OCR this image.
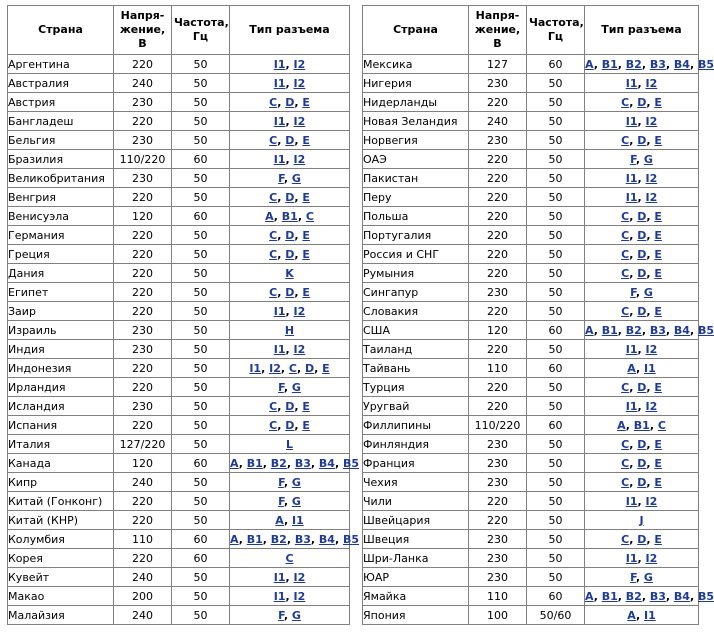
Страна	Напря-жение, В	Частота, Гц	Тип разъема
Аргентина	220	50	I1, I2
Австралия	240	50	I1, I2
Австрия	230	50	C, D, E
Бангладеш	220	50	I1, I2
Бельгия	230	50	C, D, E
Бразилия	110/220	60	I1, I2
Великобритания	230	50	F, G
Венгрия	220	50	C, D, E
Венисуэла	120	60	A, B1, C
Германия	220	50	C, D, E
Греция	220	50	C, D, E
Дания	220	50	K
Египет	220	50	C, D, E
Заир	220	50	I1, I2
Израиль	230	50	H
Индия	230	50	I1, I2
Индонезия	220	50	I1, I2, C, D, E
Ирландия	220	50	F, G
Исландия	230	50	C, D, E
Испания	220	50	C, D, E
Италия	127/220	50	L
Канада	120	60	A, B1, B2, B3, B4, B5
Кипр	240	50	F, G
Китай (Гонконг)	220	50	F, G
Китай (КНР)	220	50	A, I1
Колумбия	110	60	A, B1, B2, B3, B4, B5
Корея	220	60	C
Кувейт	240	50	I1, I2
Макао	200	50	I1, I2
Малайзия	240	50	F, G
Страна	Напря-жение, В	Частота, Гц	Тип разъема
Мексика	127	60	A, B1, B2, B3, B4, B5
Нигерия	230	50	I1, I2
Нидерланды	220	50	C, D, E
Новая Зеландия	240	50	I1, I2
Норвегия	230	50	C, D, E
ОАЭ	220	50	F, G
Пакистан	220	50	I1, I2
Перу	220	50	I1, I2
Польша	220	50	C, D, E
Португалия	220	50	C, D, E
Россия и СНГ	220	50	C, D, E
Румыния	220	50	C, D, E
Сингапур	230	50	F, G
Словакия	220	50	C, D, E
США	120	60	A, B1, B2, B3, B4, B5
Таиланд	220	50	I1, I2
Тайвань	110	60	A, I1
Турция	220	50	C, D, E
Уругвай	220	50	I1, I2
Филлипины	110/220	60	A, B1, C
Финляндия	230	50	C, D, E
Франция	230	50	C, D, E
Чехия	230	50	C, D, E
Чили	220	50	I1, I2
Швейцария	220	50	J
Швеция	230	50	C, D, E
Шри-Ланка	230	50	I1, I2
ЮАР	230	50	F, G
Ямайка	110	60	A, B1, B2, B3, B4, B5
Япония	100	50/60	A, I1
